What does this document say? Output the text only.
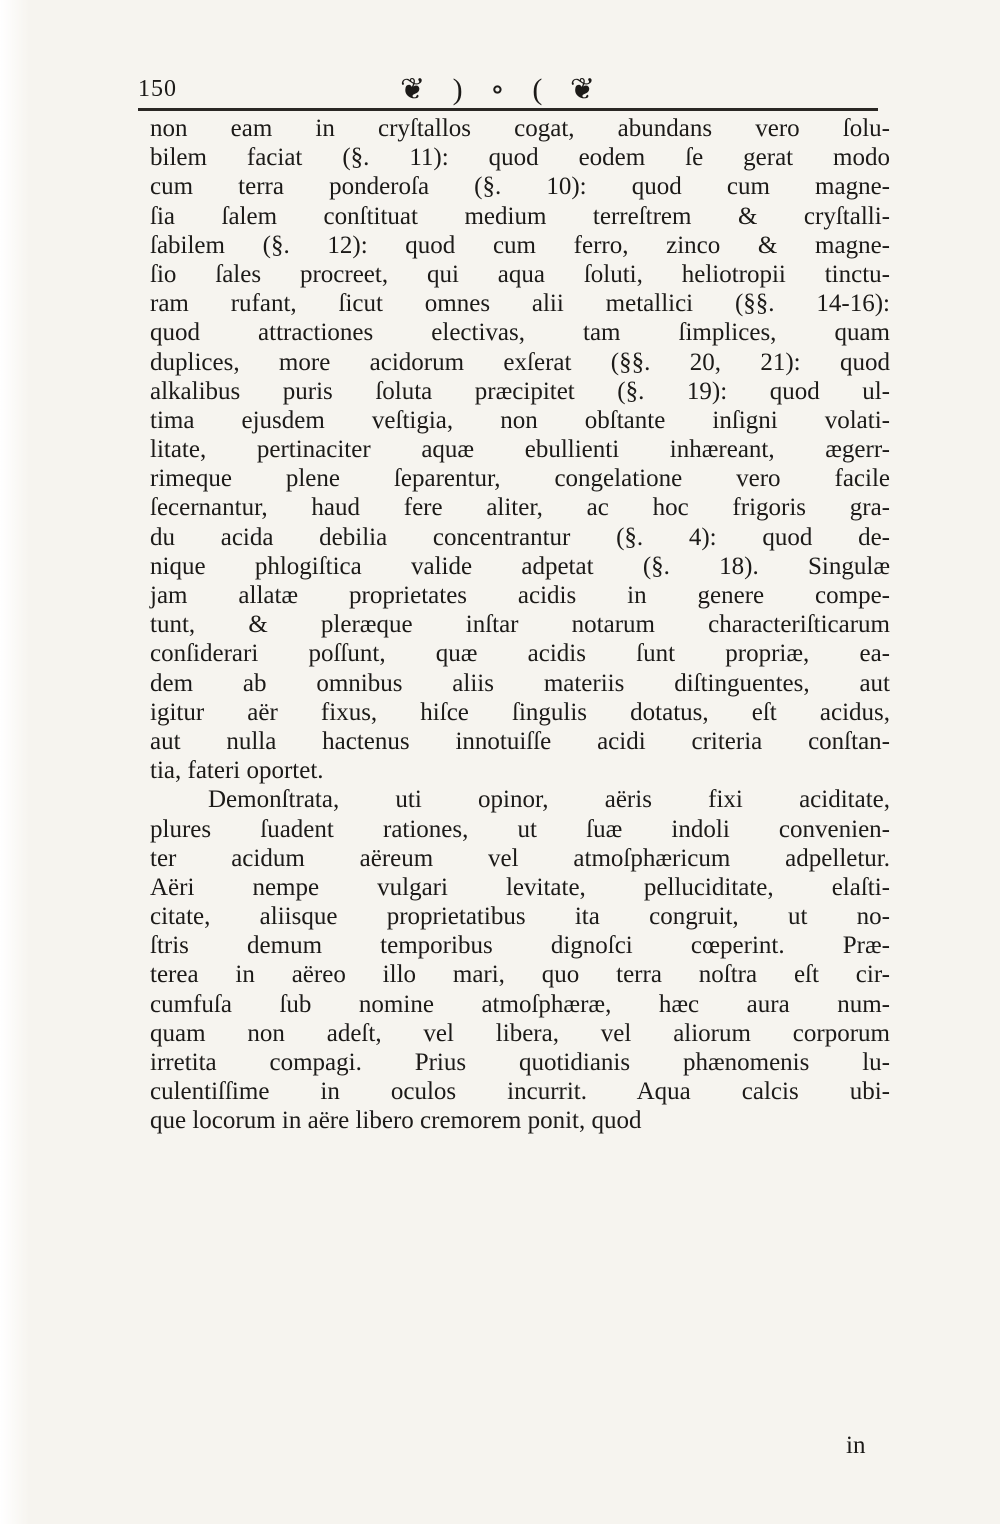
150	❦ ) ∘ ( ❦
non eam in cryſtallos cogat, abundans vero ſolu-
bilem faciat (§. 11): quod eodem ſe gerat modo
cum terra ponderoſa (§. 10): quod cum magne-
ſia ſalem conſtituat medium terreſtrem & cryſtalli-
ſabilem (§. 12): quod cum ferro, zinco & magne-
ſio ſales procreet, qui aqua ſoluti, heliotropii tinctu-
ram rufant, ſicut omnes alii metallici (§§. 14-16):
quod attractiones electivas, tam ſimplices, quam
duplices, more acidorum exſerat (§§. 20, 21): quod
alkalibus puris ſoluta præcipitet (§. 19): quod ul-
tima ejusdem veſtigia, non obſtante inſigni volati-
litate, pertinaciter aquæ ebullienti inhæreant, ægerr-
rimeque plene ſeparentur, congelatione vero facile
ſecernantur, haud fere aliter, ac hoc frigoris gra-
du acida debilia concentrantur (§. 4): quod de-
nique phlogiſtica valide adpetat (§. 18). Singulæ
jam allatæ proprietates acidis in genere compe-
tunt, & pleræque inſtar notarum characteriſticarum
conſiderari poſſunt, quæ acidis ſunt propriæ, ea-
dem ab omnibus aliis materiis diſtinguentes, aut
igitur aër fixus, hiſce ſingulis dotatus, eſt acidus,
aut nulla hactenus innotuiſſe acidi criteria conſtan-
tia, fateri oportet.
Demonſtrata, uti opinor, aëris fixi aciditate,
plures ſuadent rationes, ut ſuæ indoli convenien-
ter acidum aëreum vel atmoſphæricum adpelletur.
Aëri nempe vulgari levitate, pelluciditate, elaſti-
citate, aliisque proprietatibus ita congruit, ut no-
ſtris demum temporibus dignoſci cœperint. Præ-
terea in aëreo illo mari, quo terra noſtra eſt cir-
cumfuſa ſub nomine atmoſphæræ, hæc aura num-
quam non adeſt, vel libera, vel aliorum corporum
irretita compagi. Prius quotidianis phænomenis lu-
culentiſſime in oculos incurrit. Aqua calcis ubi-
que locorum in aëre libero cremorem ponit, quod
in
